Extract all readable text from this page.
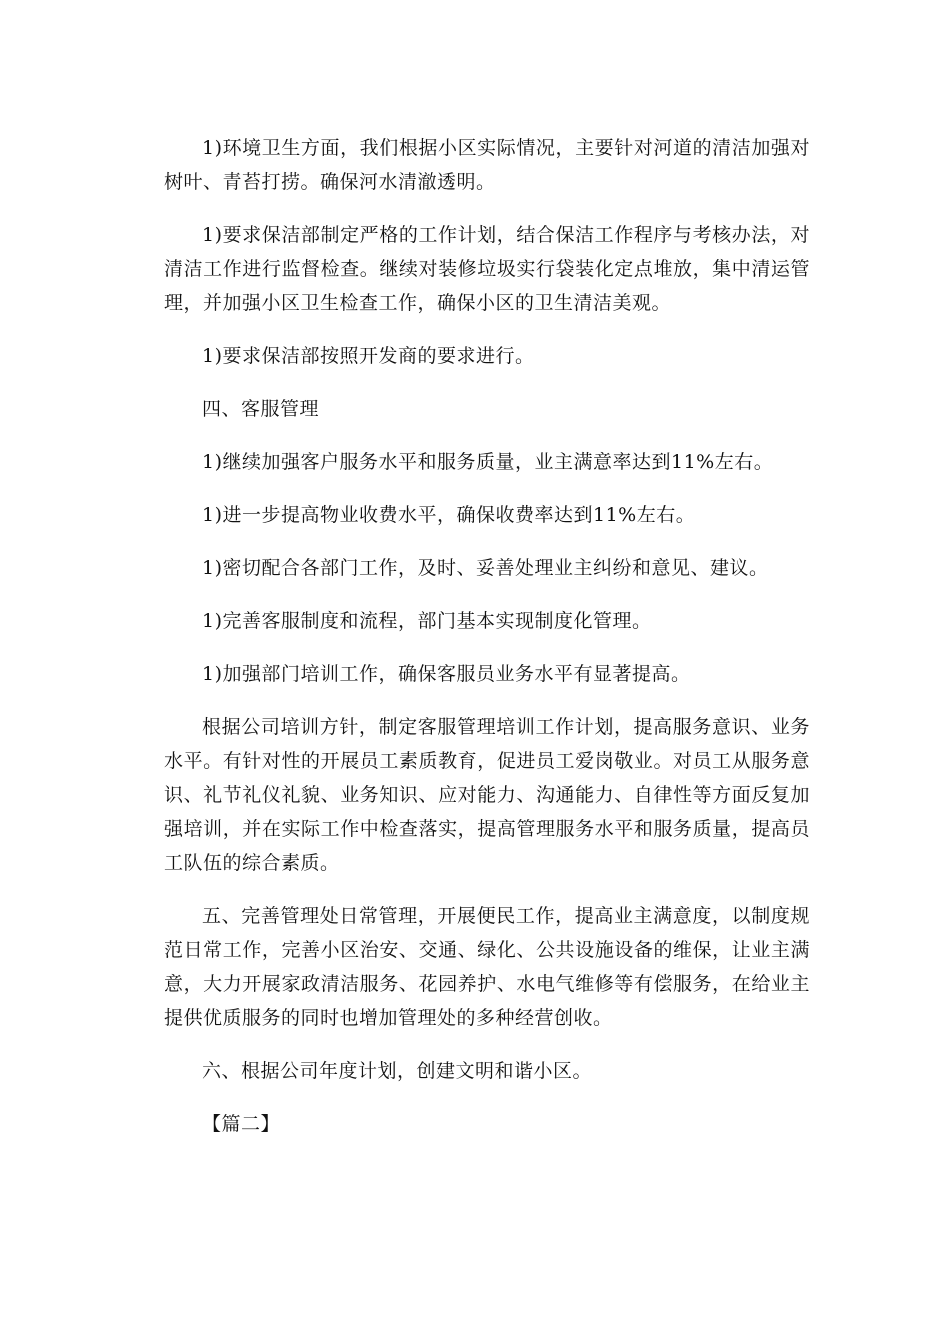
1)环境卫生方面，我们根据小区实际情况，主要针对河道的清洁加强对树叶、青苔打捞。确保河水清澈透明。

1)要求保洁部制定严格的工作计划，结合保洁工作程序与考核办法，对清洁工作进行监督检查。继续对装修垃圾实行袋装化定点堆放，集中清运管理，并加强小区卫生检查工作，确保小区的卫生清洁美观。

1)要求保洁部按照开发商的要求进行。

四、客服管理

1)继续加强客户服务水平和服务质量，业主满意率达到11%左右。

1)进一步提高物业收费水平，确保收费率达到11%左右。

1)密切配合各部门工作，及时、妥善处理业主纠纷和意见、建议。

1)完善客服制度和流程，部门基本实现制度化管理。

1)加强部门培训工作，确保客服员业务水平有显著提高。

根据公司培训方针，制定客服管理培训工作计划，提高服务意识、业务水平。有针对性的开展员工素质教育，促进员工爱岗敬业。对员工从服务意识、礼节礼仪礼貌、业务知识、应对能力、沟通能力、自律性等方面反复加强培训，并在实际工作中检查落实，提高管理服务水平和服务质量，提高员工队伍的综合素质。

五、完善管理处日常管理，开展便民工作，提高业主满意度，以制度规范日常工作，完善小区治安、交通、绿化、公共设施设备的维保，让业主满意，大力开展家政清洁服务、花园养护、水电气维修等有偿服务，在给业主提供优质服务的同时也增加管理处的多种经营创收。

六、根据公司年度计划，创建文明和谐小区。

【篇二】
